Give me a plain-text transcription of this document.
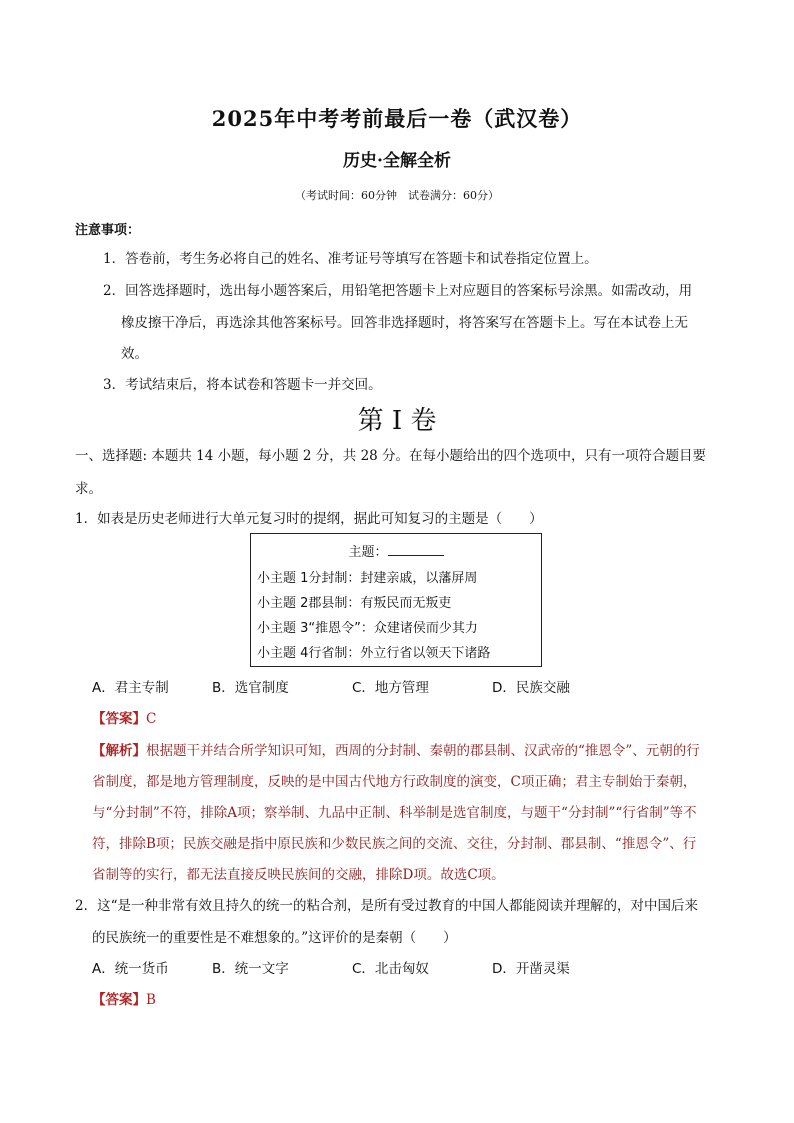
2025年中考考前最后一卷（武汉卷）
历史·全解全析
（考试时间：60分钟　试卷满分：60分）
注意事项：
1．答卷前，考生务必将自己的姓名、准考证号等填写在答题卡和试卷指定位置上。
2．回答选择题时，选出每小题答案后，用铅笔把答题卡上对应题目的答案标号涂黑。如需改动，用
橡皮擦干净后，再选涂其他答案标号。回答非选择题时，将答案写在答题卡上。写在本试卷上无
效。
3．考试结束后，将本试卷和答题卡一并交回。
第 I 卷
一、选择题: 本题共 14 小题，每小题 2 分，共 28 分。在每小题给出的四个选项中，只有一项符合题目要
求。
1．如表是历史老师进行大单元复习时的提纲，据此可知复习的主题是（　　）
主题：
小主题 1分封制：封建亲戚，以藩屏周
小主题 2郡县制：有叛民而无叛吏
小主题 3“推恩令”：众建诸侯而少其力
小主题 4行省制：外立行省以领天下诸路
A．君主专制	B．选官制度	C．地方管理	D．民族交融
【答案】C
【解析】根据题干并结合所学知识可知，西周的分封制、秦朝的郡县制、汉武帝的“推恩令”、元朝的行
省制度，都是地方管理制度，反映的是中国古代地方行政制度的演变，C项正确；君主专制始于秦朝，
与“分封制”不符，排除A项；察举制、九品中正制、科举制是选官制度，与题干“分封制”“行省制”等不
符，排除B项；民族交融是指中原民族和少数民族之间的交流、交往，分封制、郡县制、“推恩令”、行
省制等的实行，都无法直接反映民族间的交融，排除D项。故选C项。
2．这“是一种非常有效且持久的统一的粘合剂，是所有受过教育的中国人都能阅读并理解的，对中国后来
的民族统一的重要性是不难想象的。”这评价的是秦朝（　　）
A．统一货币	B．统一文字	C．北击匈奴	D．开凿灵渠
【答案】B
